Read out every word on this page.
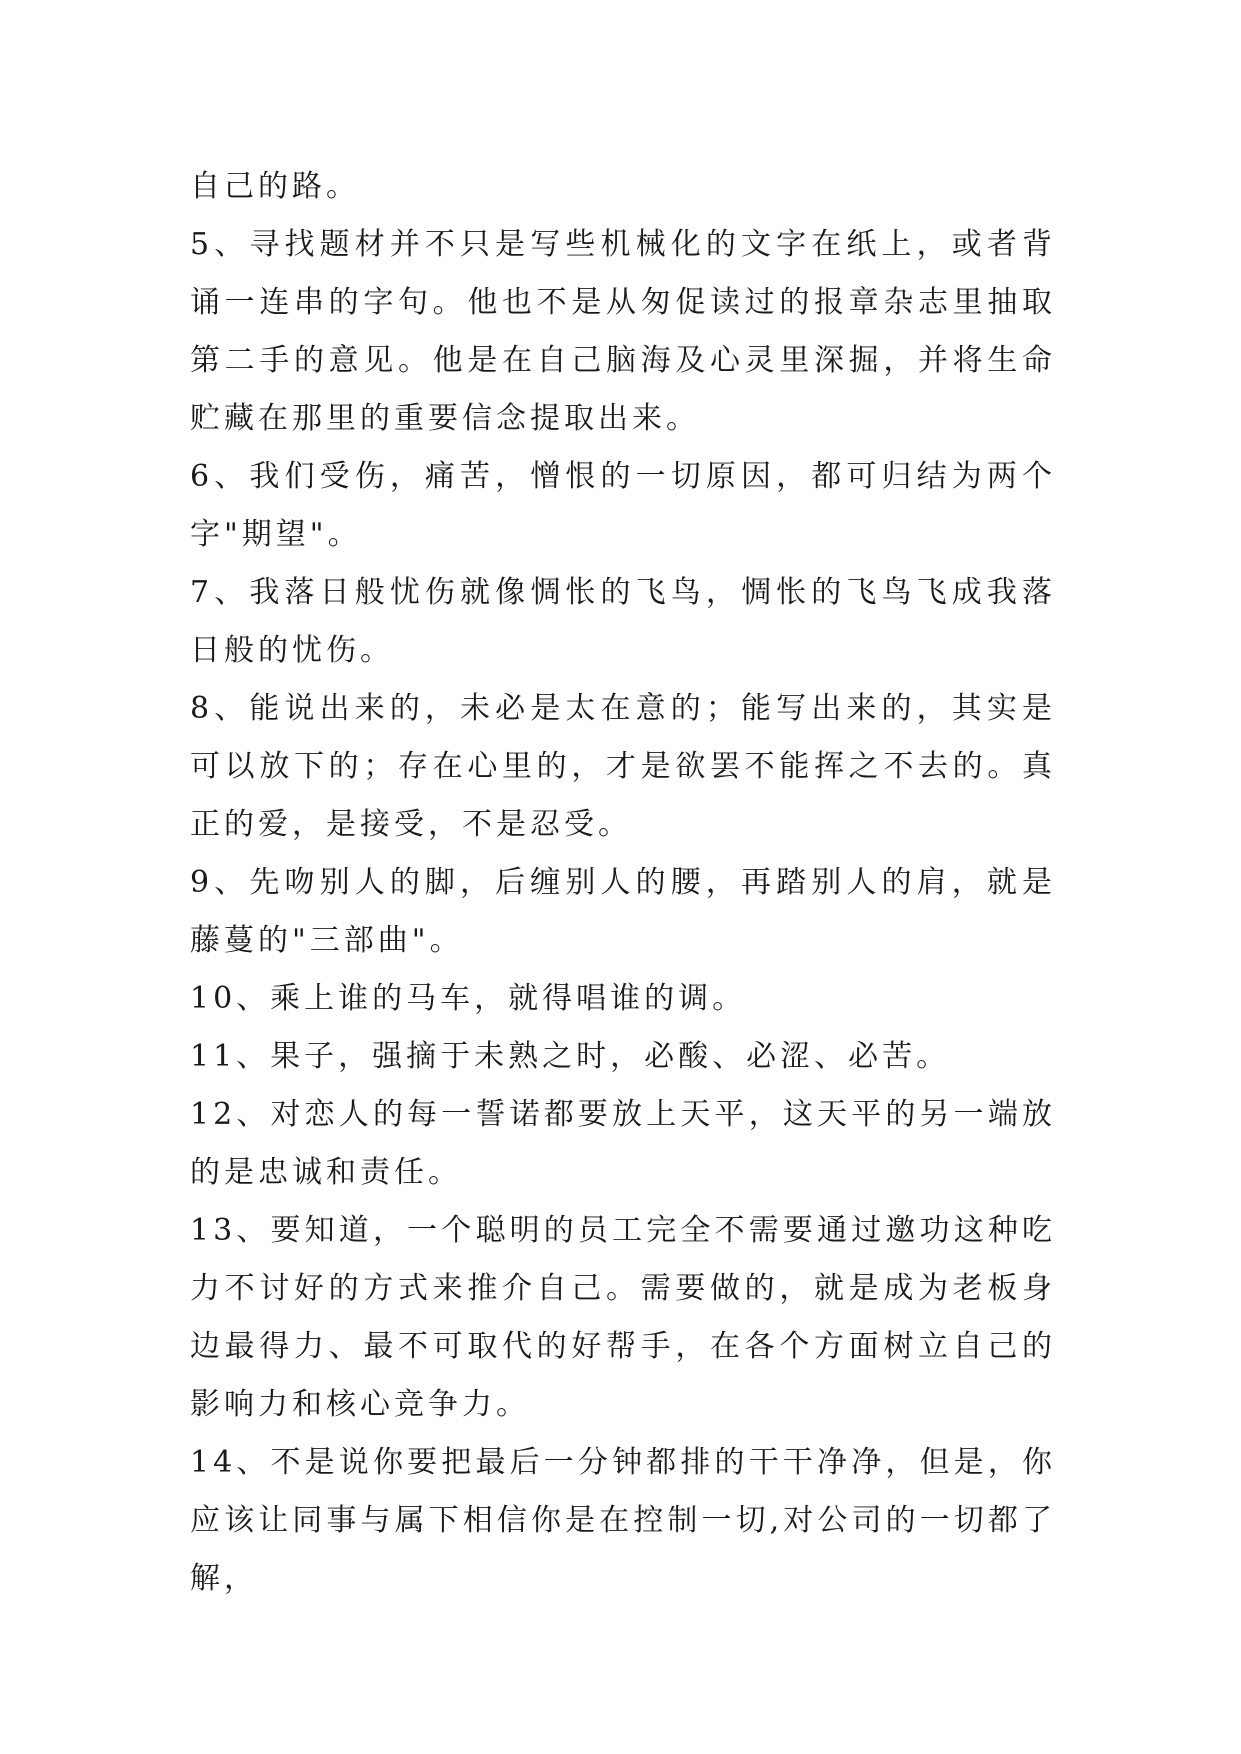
自己的路。

5、寻找题材并不只是写些机械化的文字在纸上，或者背诵一连串的字句。他也不是从匆促读过的报章杂志里抽取第二手的意见。他是在自己脑海及心灵里深掘，并将生命贮藏在那里的重要信念提取出来。

6、我们受伤，痛苦，憎恨的一切原因，都可归结为两个字"期望"。

7、我落日般忧伤就像惆怅的飞鸟，惆怅的飞鸟飞成我落日般的忧伤。

8、能说出来的，未必是太在意的；能写出来的，其实是可以放下的；存在心里的，才是欲罢不能挥之不去的。真正的爱，是接受，不是忍受。

9、先吻别人的脚，后缠别人的腰，再踏别人的肩，就是藤蔓的"三部曲"。

10、乘上谁的马车，就得唱谁的调。

11、果子，强摘于未熟之时，必酸、必涩、必苦。

12、对恋人的每一誓诺都要放上天平，这天平的另一端放的是忠诚和责任。

13、要知道，一个聪明的员工完全不需要通过邀功这种吃力不讨好的方式来推介自己。需要做的，就是成为老板身边最得力、最不可取代的好帮手，在各个方面树立自己的影响力和核心竞争力。

14、不是说你要把最后一分钟都排的干干净净，但是，你应该让同事与属下相信你是在控制一切,对公司的一切都了解，
